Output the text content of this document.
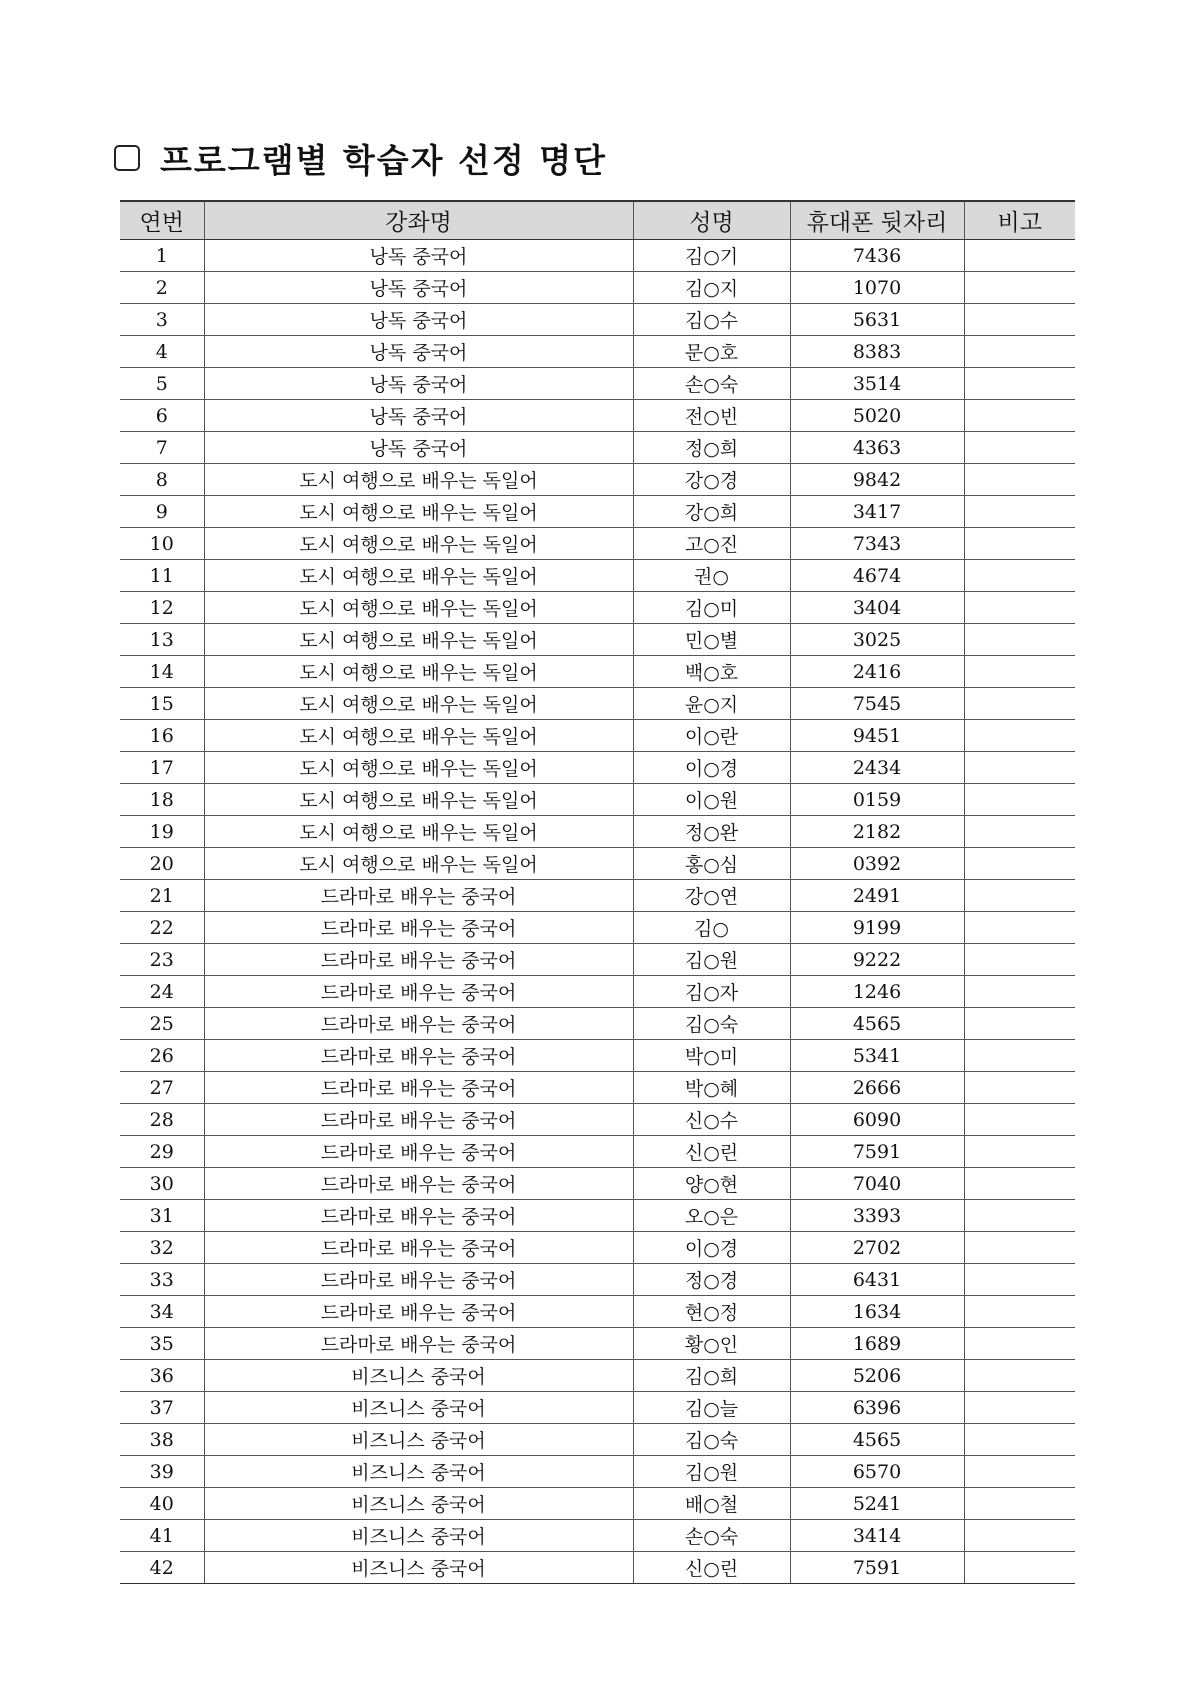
프로그램별 학습자 선정 명단
연번	강좌명	성명	휴대폰 뒷자리	비고
1	낭독 중국어	김○기	7436	
2	낭독 중국어	김○지	1070	
3	낭독 중국어	김○수	5631	
4	낭독 중국어	문○호	8383	
5	낭독 중국어	손○숙	3514	
6	낭독 중국어	전○빈	5020	
7	낭독 중국어	정○희	4363	
8	도시 여행으로 배우는 독일어	강○경	9842	
9	도시 여행으로 배우는 독일어	강○희	3417	
10	도시 여행으로 배우는 독일어	고○진	7343	
11	도시 여행으로 배우는 독일어	권○	4674	
12	도시 여행으로 배우는 독일어	김○미	3404	
13	도시 여행으로 배우는 독일어	민○별	3025	
14	도시 여행으로 배우는 독일어	백○호	2416	
15	도시 여행으로 배우는 독일어	윤○지	7545	
16	도시 여행으로 배우는 독일어	이○란	9451	
17	도시 여행으로 배우는 독일어	이○경	2434	
18	도시 여행으로 배우는 독일어	이○원	0159	
19	도시 여행으로 배우는 독일어	정○완	2182	
20	도시 여행으로 배우는 독일어	홍○심	0392	
21	드라마로 배우는 중국어	강○연	2491	
22	드라마로 배우는 중국어	김○	9199	
23	드라마로 배우는 중국어	김○원	9222	
24	드라마로 배우는 중국어	김○자	1246	
25	드라마로 배우는 중국어	김○숙	4565	
26	드라마로 배우는 중국어	박○미	5341	
27	드라마로 배우는 중국어	박○혜	2666	
28	드라마로 배우는 중국어	신○수	6090	
29	드라마로 배우는 중국어	신○린	7591	
30	드라마로 배우는 중국어	양○현	7040	
31	드라마로 배우는 중국어	오○은	3393	
32	드라마로 배우는 중국어	이○경	2702	
33	드라마로 배우는 중국어	정○경	6431	
34	드라마로 배우는 중국어	현○정	1634	
35	드라마로 배우는 중국어	황○인	1689	
36	비즈니스 중국어	김○희	5206	
37	비즈니스 중국어	김○늘	6396	
38	비즈니스 중국어	김○숙	4565	
39	비즈니스 중국어	김○원	6570	
40	비즈니스 중국어	배○철	5241	
41	비즈니스 중국어	손○숙	3414	
42	비즈니스 중국어	신○린	7591	
